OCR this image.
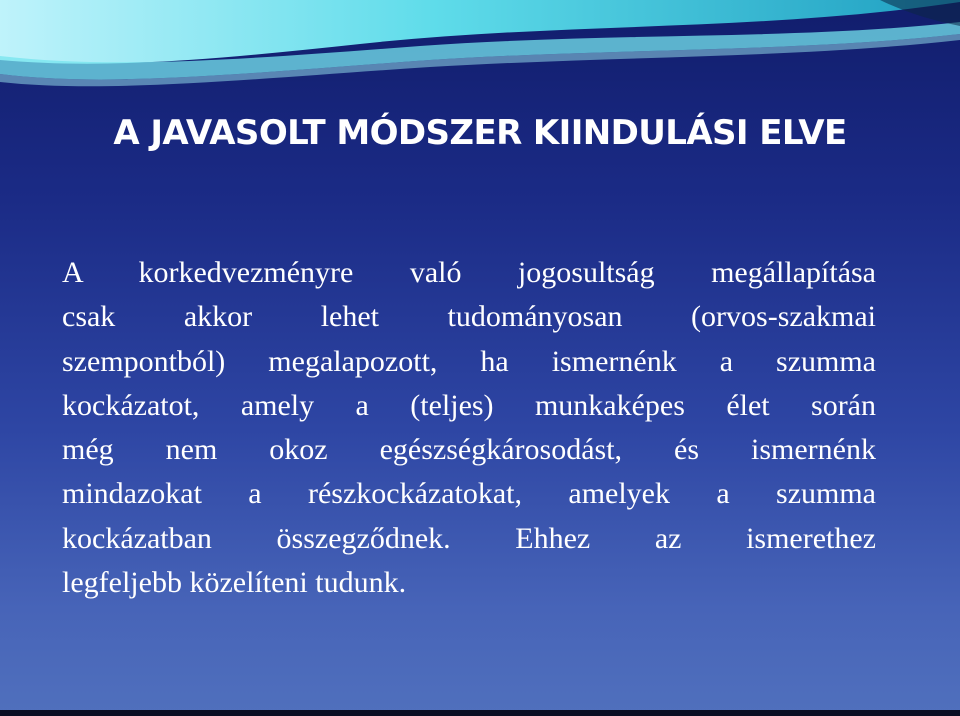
A JAVASOLT MÓDSZER KIINDULÁSI ELVE
A korkedvezményre való jogosultság megállapítása
csak akkor lehet tudományosan (orvos-szakmai
szempontból) megalapozott, ha ismernénk a szumma
kockázatot, amely a (teljes) munkaképes élet során
még nem okoz egészségkárosodást, és ismernénk
mindazokat a részkockázatokat, amelyek a szumma
kockázatban összegződnek. Ehhez az ismerethez
legfeljebb közelíteni tudunk.
